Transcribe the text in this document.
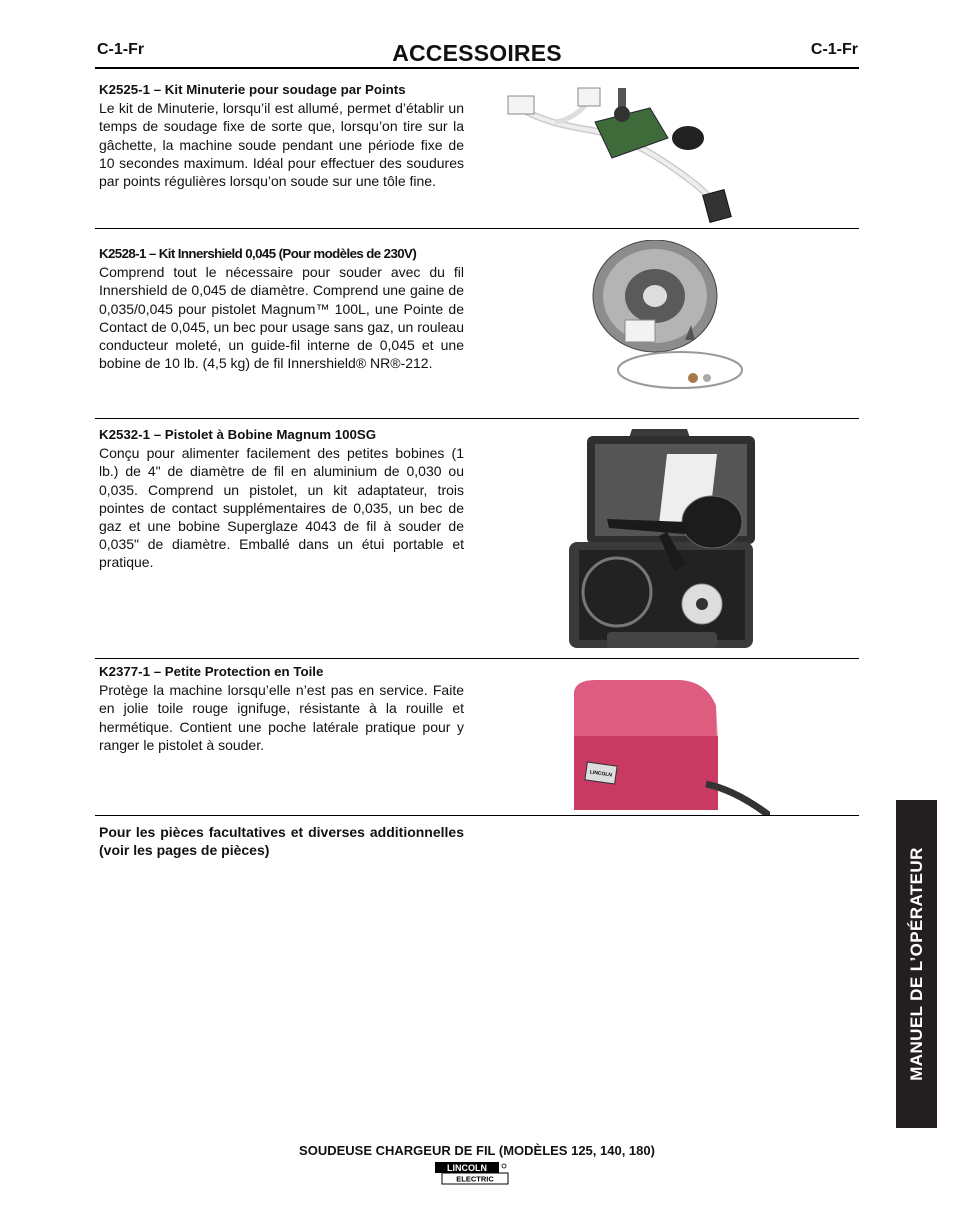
C-1-Fr	ACCESSOIRES	C-1-Fr
K2525-1 – Kit Minuterie pour soudage par Points
Le kit de Minuterie, lorsqu’il est allumé, permet d’établir un temps de soudage fixe de sorte que, lorsqu’on tire sur la gâchette, la machine soude pendant une période fixe de 10 secondes maximum. Idéal pour effectuer des soudures par points régulières lorsqu’on soude sur une tôle fine.
K2528-1 – Kit Innershield 0,045 (Pour modèles de 230V)
Comprend tout le nécessaire pour souder avec du fil Innershield de 0,045 de diamètre. Comprend une gaine de 0,035/0,045 pour pistolet Magnum™ 100L, une Pointe de Contact de 0,045, un bec pour usage sans gaz, un rouleau conducteur moleté, un guide-fil interne de 0,045 et une bobine de 10 lb. (4,5 kg) de fil Innershield® NR®-212.
K2532-1 – Pistolet à Bobine Magnum 100SG
Conçu pour alimenter facilement des petites bobines (1 lb.) de 4" de diamètre de fil en aluminium de 0,030 ou 0,035. Comprend un pistolet, un kit adaptateur, trois pointes de contact supplémentaires de 0,035, un bec de gaz et une bobine Superglaze 4043 de fil à souder de 0,035" de diamètre. Emballé dans un étui portable et pratique.
K2377-1 – Petite Protection en Toile
Protège la machine lorsqu’elle n’est pas en service. Faite en jolie toile rouge ignifuge, résistante à la rouille et hermétique. Contient une poche latérale pratique pour y ranger le pistolet à souder.
LINCOLN
Pour les pièces facultatives et diverses additionnelles (voir les pages de pièces)	MANUEL DE L’OPÉRATEUR
SOUDEUSE CHARGEUR DE FIL (MODÈLES 125, 140, 180)
LINCOLN
ELECTRIC
